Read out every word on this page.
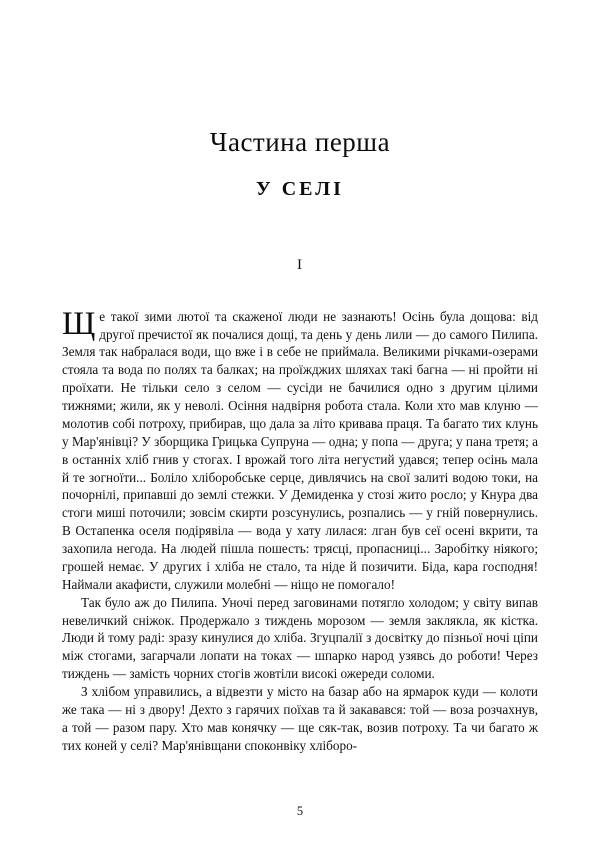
Частина перша
У СЕЛІ
I

Ще такої зими лютої та скаженої люди не зазнають! Осінь була дощова: від другої пречистої як почалися дощі, та день у день лили — до самого Пилипа. Земля так набралася води, що вже і в себе не приймала. Великими річками-озерами стояла та вода по полях та балках; на проїжджих шляхах такі багна — ні пройти ні проїхати. Не тільки село з селом — сусіди не бачилися одно з другим цілими тижнями; жили, як у неволі. Осіння надвірня робота стала. Коли хто мав клуню — молотив собі потроху, прибирав, що дала за літо кривава праця. Та багато тих клунь у Мар'янівці? У зборщика Грицька Супруна — одна; у попа — друга; у пана третя; а в останніх хліб гнив у стогах. І врожай того літа негустий удався; тепер осінь мала й те зогноїти... Боліло хліборобське серце, дивлячись на свої залиті водою токи, на почорнілі, припавші до землі стежки. У Демиденка у стозі жито росло; у Кнура два стоги миші поточили; зовсім скирти розсунулись, розпались — у гній повернулись. В Остапенка оселя подірявіла — вода у хату лилася: лган був сеї осені вкрити, та захопила негода. На людей пішла пошесть: трясці, пропасниці... Заробітку ніякого; грошей немає. У других і хліба не стало, та ніде й позичити. Біда, кара господня! Наймали акафисти, служили молебні — ніщо не помогало!

Так було аж до Пилипа. Уночі перед заговинами потягло холодом; у світу випав невеличкий сніжок. Продержало з тиждень морозом — земля заклякла, як кістка. Люди й тому раді: зразу кинулися до хліба. Згуцпалії з досвітку до пізньої ночі ціпи між стогами, загарчали лопати на токах — шпарко народ узявсь до роботи! Через тиждень — замість чорних стогів жовтіли високі ожереди соломи.

З хлібом управились, а відвезти у місто на базар або на ярмарок куди — колоти же така — ні з двору! Дехто з гарячих поїхав та й закавався: той — воза розчахнув, а той — разом пару. Хто мав конячку — ще сяк-так, возив потроху. Та чи багато ж тих коней у селі? Мар'янівщани споконвіку хліборо-

5
